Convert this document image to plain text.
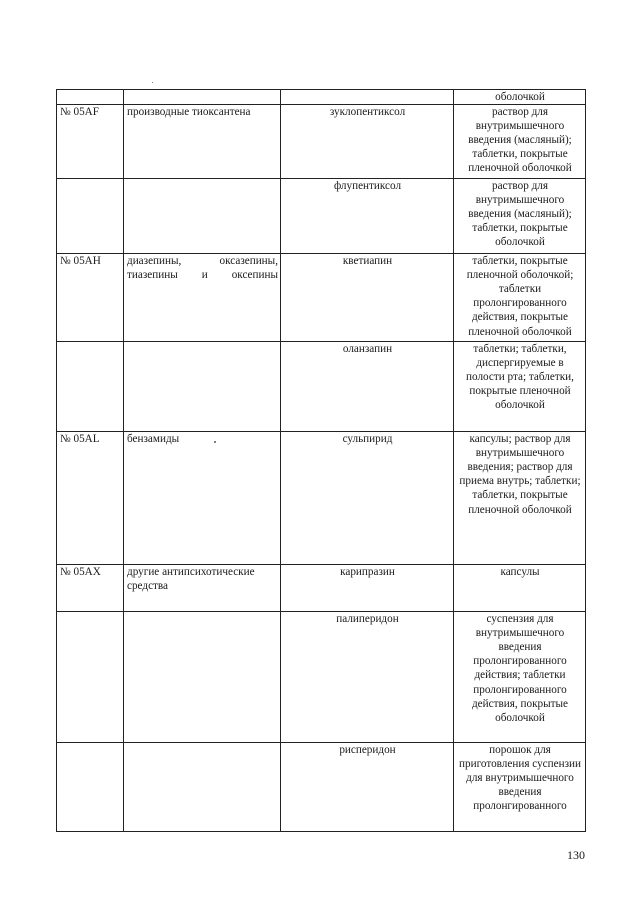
			оболочкой
№ 05AF	производные тиоксантена	зуклопентиксол	раствор для внутримышечного введения (масляный); таблетки, покрытые пленочной оболочкой
		флупентиксол	раствор для внутримышечного введения (масляный); таблетки, покрытые оболочкой
№ 05AH	диазепины, оксазепины, тиазепины и оксепины	кветиапин	таблетки, покрытые пленочной оболочкой; таблетки пролонгированного действия, покрытые пленочной оболочкой
		оланзапин	таблетки; таблетки, диспергируемые в полости рта; таблетки, покрытые пленочной оболочкой
№ 05AL	бензамиды	сульпирид	капсулы; раствор для внутримышечного введения; раствор для приема внутрь; таблетки; таблетки, покрытые пленочной оболочкой
№ 05AX	другие антипсихотические средства	карипразин	капсулы
		палиперидон	суспензия для внутримышечного введения пролонгированного действия; таблетки пролонгированного действия, покрытые оболочкой
		рисперидон	порошок для приготовления суспензии для внутримышечного введения пролонгированного
130
